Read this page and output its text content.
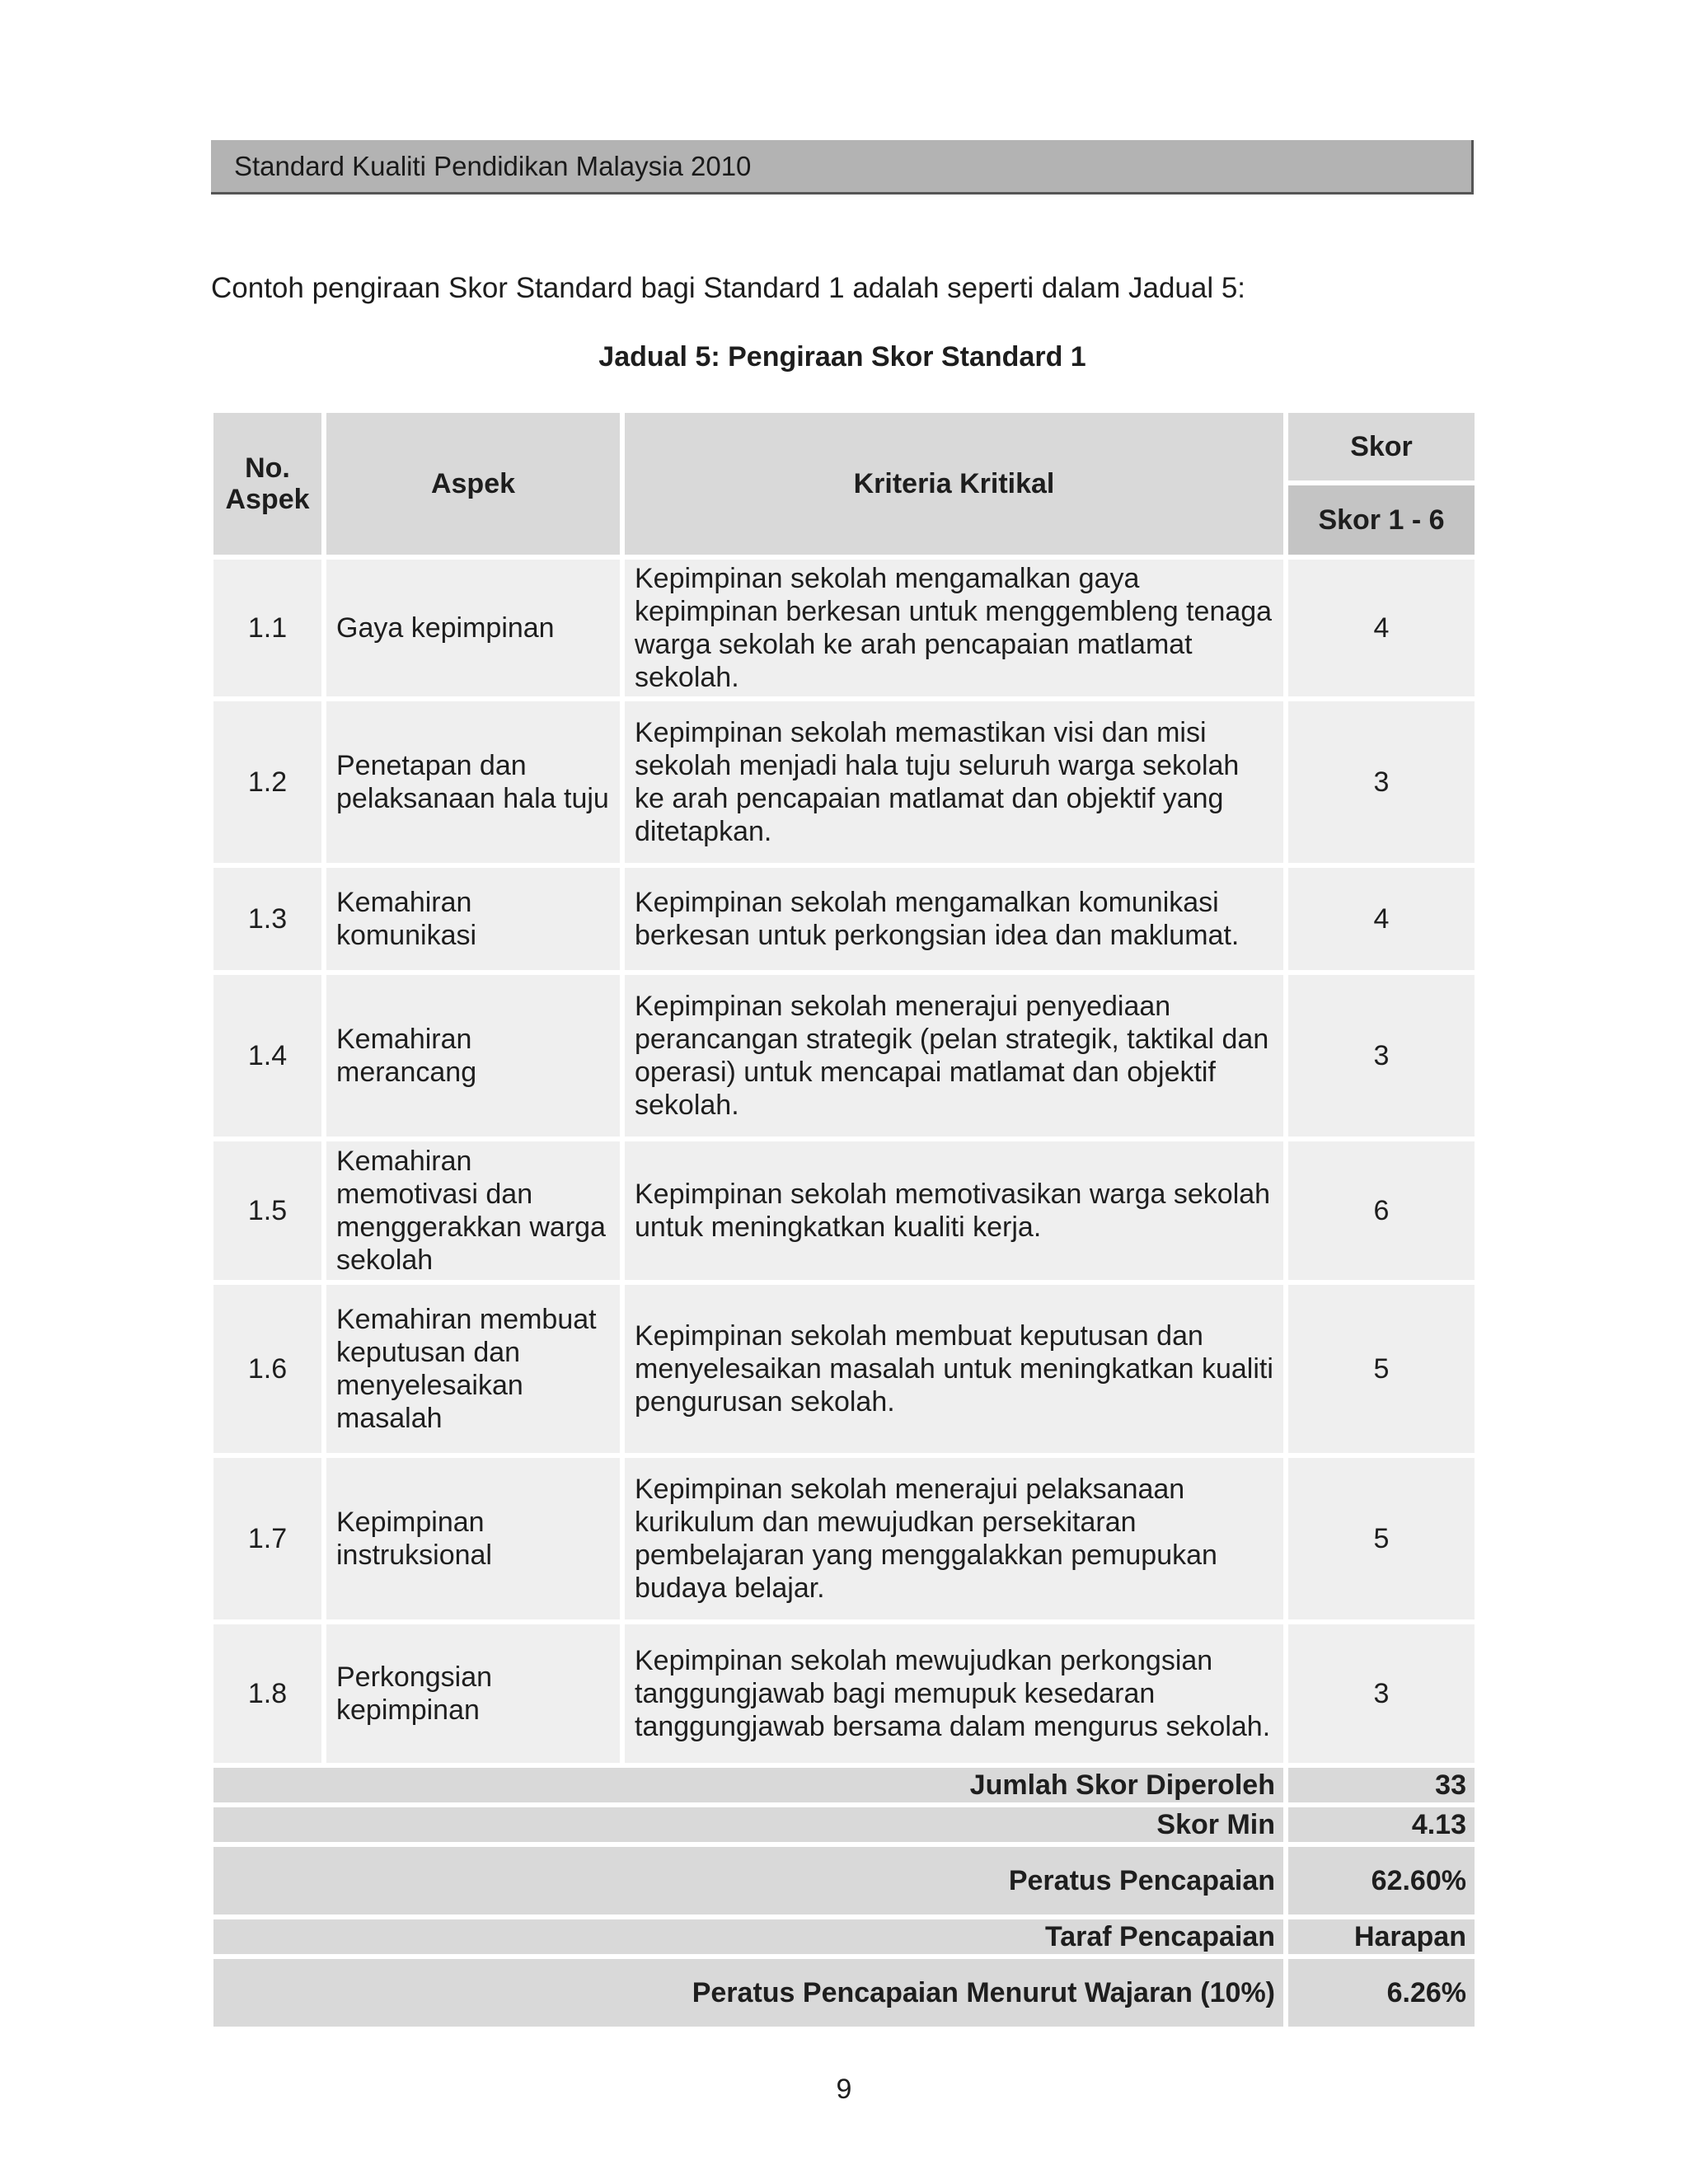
Standard Kualiti Pendidikan Malaysia 2010
Contoh pengiraan Skor Standard bagi Standard 1 adalah seperti dalam Jadual 5:
Jadual 5: Pengiraan Skor Standard 1
No. Aspek	Aspek	Kriteria Kritikal	Skor
			Skor 1 - 6
1.1	Gaya kepimpinan	Kepimpinan sekolah mengamalkan gaya kepimpinan berkesan untuk menggembleng tenaga warga sekolah ke arah pencapaian matlamat sekolah.	4
1.2	Penetapan dan pelaksanaan hala tuju	Kepimpinan sekolah memastikan visi dan misi sekolah menjadi hala tuju seluruh warga sekolah ke arah pencapaian matlamat dan objektif yang ditetapkan.	3
1.3	Kemahiran komunikasi	Kepimpinan sekolah mengamalkan komunikasi berkesan untuk perkongsian idea dan maklumat.	4
1.4	Kemahiran merancang	Kepimpinan sekolah menerajui penyediaan perancangan strategik (pelan strategik, taktikal dan operasi) untuk mencapai matlamat dan objektif sekolah.	3
1.5	Kemahiran memotivasi dan menggerakkan warga sekolah	Kepimpinan sekolah memotivasikan warga sekolah untuk meningkatkan kualiti kerja.	6
1.6	Kemahiran membuat keputusan dan menyelesaikan masalah	Kepimpinan sekolah membuat keputusan dan menyelesaikan masalah untuk meningkatkan kualiti pengurusan sekolah.	5
1.7	Kepimpinan instruksional	Kepimpinan sekolah menerajui pelaksanaan kurikulum dan mewujudkan persekitaran pembelajaran yang menggalakkan pemupukan budaya belajar.	5
1.8	Perkongsian kepimpinan	Kepimpinan sekolah mewujudkan perkongsian tanggungjawab bagi memupuk kesedaran tanggungjawab bersama dalam mengurus sekolah.	3
Jumlah Skor Diperoleh			33
Skor Min			4.13
Peratus Pencapaian			62.60%
Taraf Pencapaian			Harapan
Peratus Pencapaian Menurut Wajaran (10%)			6.26%
9
